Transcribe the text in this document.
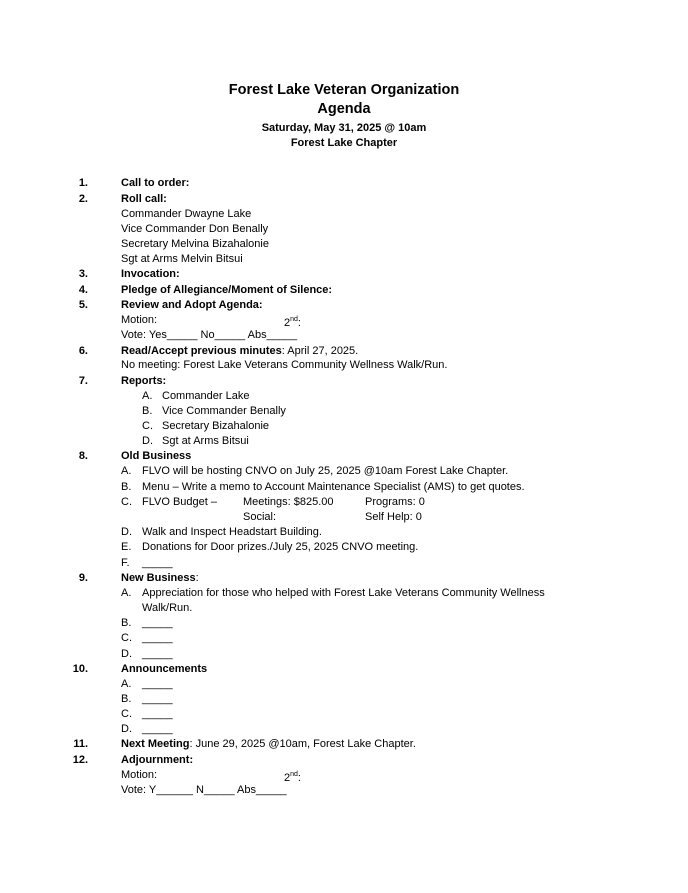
Forest Lake Veteran Organization
Agenda
Saturday, May 31, 2025 @ 10am
Forest Lake Chapter
1.	Call to order:
2.	Roll call:
Commander Dwayne Lake
Vice Commander Don Benally
Secretary Melvina Bizahalonie
Sgt at Arms Melvin Bitsui
3.	Invocation:
4.	Pledge of Allegiance/Moment of Silence:
5.	Review and Adopt Agenda:
Motion:	2nd:
Vote: Yes_____ No_____ Abs_____
6.	Read/Accept previous minutes: April 27, 2025.
No meeting: Forest Lake Veterans Community Wellness Walk/Run.
7.	Reports:
A. Commander Lake
B. Vice Commander Benally
C. Secretary Bizahalonie
D. Sgt at Arms Bitsui
8.	Old Business
A. FLVO will be hosting CNVO on July 25, 2025 @10am Forest Lake Chapter.
B. Menu – Write a memo to Account Maintenance Specialist (AMS) to get quotes.
C. FLVO Budget – Meetings: $825.00	Programs: 0
Social:	Self Help: 0
D. Walk and Inspect Headstart Building.
E. Donations for Door prizes./July 25, 2025 CNVO meeting.
F. _____
9.	New Business:
A. Appreciation for those who helped with Forest Lake Veterans Community Wellness
Walk/Run.
B. _____
C. _____
D. _____
10.	Announcements
A. _____
B. _____
C. _____
D. _____
11.	Next Meeting: June 29, 2025 @10am, Forest Lake Chapter.
12.	Adjournment:
Motion:	2nd:
Vote: Y______ N_____ Abs_____
